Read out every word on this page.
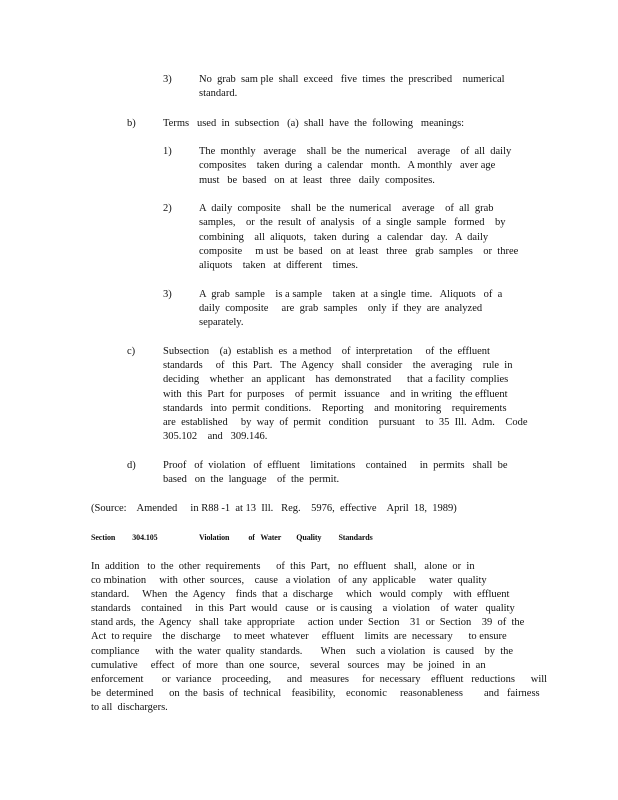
3)	No  grab  sam ple  shall  exceed   five  times  the  prescribed    numerical
standard.
b)	Terms   used  in  subsection   (a)  shall  have  the  following   meanings:
1)	The  monthly   average    shall  be  the  numerical    average    of  all  daily
composites    taken  during  a  calendar   month.   A monthly   aver age
must   be  based   on  at  least   three   daily  composites.
2)	A  daily  composite    shall  be  the  numerical    average    of  all  grab
samples,    or  the  result  of  analysis   of  a  single  sample   formed    by
combining    all  aliquots,   taken  during   a  calendar   day.   A  daily
composite     m ust  be  based   on  at  least   three   grab  samples    or  three
aliquots    taken   at  different    times.
3)	A  grab  sample    is a sample    taken  at  a single  time.   Aliquots   of  a
daily  composite     are  grab  samples    only  if  they  are  analyzed
separately.
c)	Subsection    (a)  establish  es  a method    of  interpretation     of  the  effluent
standards     of   this  Part.   The  Agency   shall  consider    the  averaging    rule  in
deciding    whether   an  applicant    has  demonstrated      that  a facility  complies
with  this  Part  for  purposes    of  permit   issuance    and  in writing   the effluent
standards   into  permit  conditions.    Reporting    and  monitoring    requirements
are  established     by  way  of  permit   condition    pursuant    to  35  Ill.  Adm.    Code
305.102    and   309.146.
d)	Proof   of  violation   of  effluent    limitations    contained     in  permits   shall  be
based   on  the  language    of  the  permit.
(Source:    Amended     in R88 -1  at 13  Ill.   Reg.    5976,  effective    April  18,  1989)
Section         304.105	Violation          of   Water        Quality         Standards
In  addition   to  the  other  requirements      of  this  Part,   no  effluent   shall,   alone  or  in
co mbination     with  other  sources,    cause   a violation   of  any  applicable     water  quality
standard.     When   the  Agency    finds  that  a  discharge     which   would  comply    with  effluent
standards    contained     in  this  Part  would   cause   or  is causing    a  violation    of  water   quality
stand ards,  the  Agency   shall  take  appropriate     action  under  Section    31  or  Section    39  of  the
Act  to require    the  discharge     to meet  whatever     effluent    limits  are  necessary      to ensure
compliance      with  the  water  quality  standards.       When    such  a violation   is  caused    by  the
cumulative     effect   of  more   than  one  source,    several   sources   may   be  joined   in  an
enforcement       or  variance    proceeding,      and   measures     for  necessary    effluent   reductions      will
be  determined      on  the  basis  of  technical    feasibility,    economic     reasonableness        and   fairness
to all  dischargers.
